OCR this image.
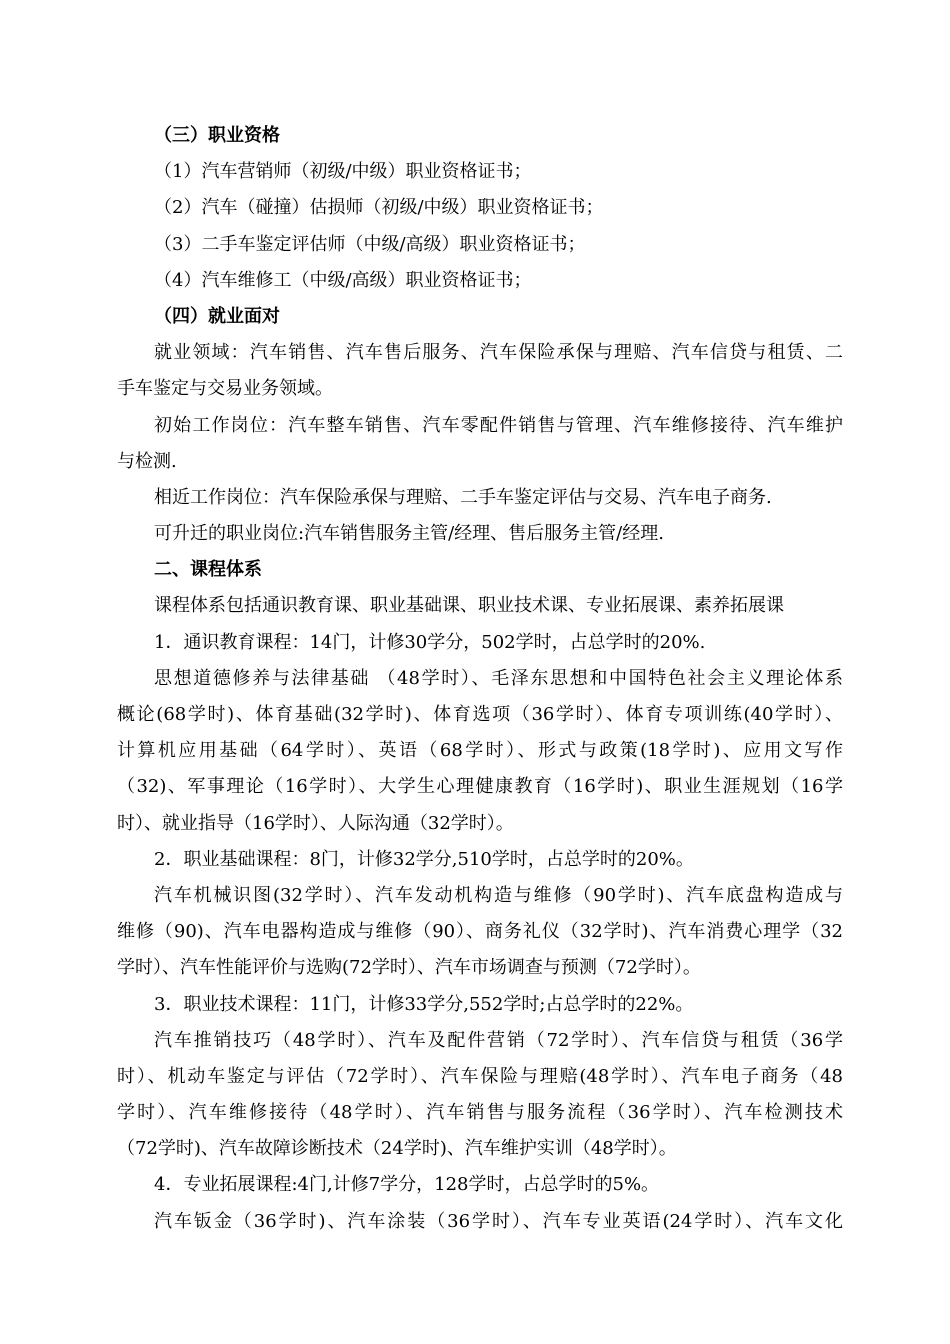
（三）职业资格
（1）汽车营销师（初级/中级）职业资格证书；
（2）汽车（碰撞）估损师（初级/中级）职业资格证书；
（3）二手车鉴定评估师（中级/高级）职业资格证书；
（4）汽车维修工（中级/高级）职业资格证书；
（四）就业面对
就业领域：汽车销售、汽车售后服务、汽车保险承保与理赔、汽车信贷与租赁、二
手车鉴定与交易业务领域。
初始工作岗位：汽车整车销售、汽车零配件销售与管理、汽车维修接待、汽车维护
与检测.
相近工作岗位：汽车保险承保与理赔、二手车鉴定评估与交易、汽车电子商务.
可升迁的职业岗位:汽车销售服务主管/经理、售后服务主管/经理.
二、课程体系
课程体系包括通识教育课、职业基础课、职业技术课、专业拓展课、素养拓展课
1．通识教育课程：14门，计修30学分，502学时，占总学时的20%.
思想道德修养与法律基础 （48学时）、毛泽东思想和中国特色社会主义理论体系
概论(68学时)、体育基础(32学时)、体育选项（36学时）、体育专项训练(40学时）、
计算机应用基础（64学时）、英语（68学时）、形式与政策(18学时)、应用文写作
（32)、军事理论（16学时）、大学生心理健康教育（16学时)、职业生涯规划（16学
时）、就业指导（16学时）、人际沟通（32学时）。
2．职业基础课程：8门，计修32学分,510学时，占总学时的20%。
汽车机械识图(32学时）、汽车发动机构造与维修（90学时)、汽车底盘构造成与
维修（90)、汽车电器构造成与维修（90）、商务礼仪（32学时)、汽车消费心理学（32
学时）、汽车性能评价与选购(72学时）、汽车市场调查与预测（72学时）。
3．职业技术课程：11门，计修33学分,552学时;占总学时的22%。
汽车推销技巧（48学时）、汽车及配件营销（72学时）、汽车信贷与租赁（36学
时）、机动车鉴定与评估（72学时）、汽车保险与理赔(48学时）、汽车电子商务（48
学时）、汽车维修接待（48学时）、汽车销售与服务流程（36学时）、汽车检测技术
（72学时)、汽车故障诊断技术（24学时)、汽车维护实训（48学时）。
4．专业拓展课程:4门,计修7学分，128学时，占总学时的5%。
汽车钣金（36学时)、汽车涂装（36学时）、汽车专业英语(24学时）、汽车文化
